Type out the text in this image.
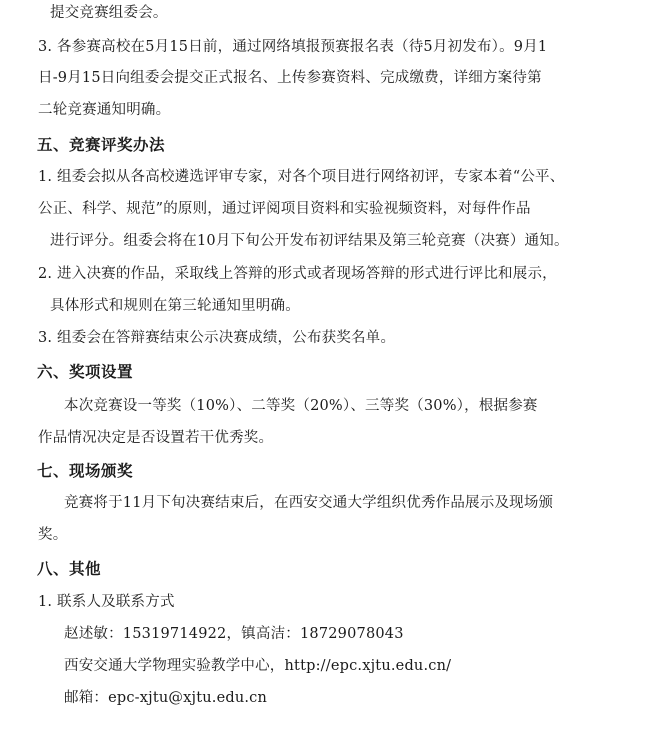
提交竞赛组委会。
3. 各参赛高校在5月15日前，通过网络填报预赛报名表（待5月初发布）。9月1
日-9月15日向组委会提交正式报名、上传参赛资料、完成缴费，详细方案待第
二轮竞赛通知明确。
五、竞赛评奖办法
1. 组委会拟从各高校遴选评审专家，对各个项目进行网络初评，专家本着“公平、
公正、科学、规范”的原则，通过评阅项目资料和实验视频资料，对每件作品
进行评分。组委会将在10月下旬公开发布初评结果及第三轮竞赛（决赛）通知。
2. 进入决赛的作品，采取线上答辩的形式或者现场答辩的形式进行评比和展示，
具体形式和规则在第三轮通知里明确。
3. 组委会在答辩赛结束公示决赛成绩，公布获奖名单。
六、奖项设置
本次竞赛设一等奖（10%）、二等奖（20%）、三等奖（30%），根据参赛
作品情况决定是否设置若干优秀奖。
七、现场颁奖
竞赛将于11月下旬决赛结束后，在西安交通大学组织优秀作品展示及现场颁
奖。
八、其他
1. 联系人及联系方式
赵述敏：15319714922，镇高洁：18729078043
西安交通大学物理实验教学中心，http://epc.xjtu.edu.cn/
邮箱：epc-xjtu@xjtu.edu.cn
